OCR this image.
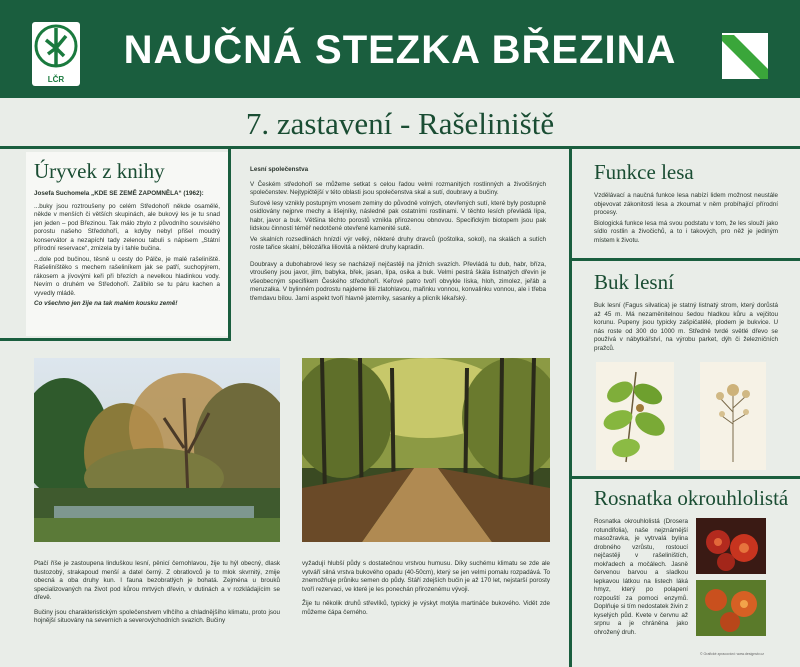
LČR
NAUČNÁ STEZKA BŘEZINA
7. zastavení - Rašeliniště
Úryvek z knihy

Josefa Suchomela „KDE SE ZEMĚ ZAPOMNĚLA“ (1962):

...buky jsou roztroušeny po celém Středohoří někde osamělé, někde v menších či větších skupinách, ale bukový les je tu snad jen jeden – pod Březinou. Tak málo zbylo z původního souvislého porostu našeho Středohoří, a kdyby nebyl přišel moudrý konservátor a nezapíchl tady zelenou tabuli s nápisem „Státní přírodní reservace“, zmizela by i tahle bučina.

...dole pod bučinou, těsně u cesty do Pálče, je malé rašeliniště. Rašeliníštěko s mechem rašeliníkem jak se patří, suchopýrem, rákosem a jívovými keři při březích a nevelkou hladinkou vody. Nevím o druhém ve Středohoří. Zalíbilo se tu páru kachen a vyvedly mládě.

Co všechno jen žije na tak malém kousku země!

Lesní společenstva

V Českém středohoří se můžeme setkat s celou řadou velmi rozmanitých rostlinných a živočišných společenstev. Nejtypičtější v této oblasti jsou společenstva skal a sutí, doubravy a bučiny.

Suťové lesy vznikly postupným vnosem zeminy do původně volných, otevřených sutí, které byly postupně osidlovány nejprve mechy a lišejníky, následně pak ostatními rostlinami. V těchto lesích převládá lípa, habr, javor a buk. Většina těchto porostů vznikla přirozenou obnovou. Specifickým biotopem jsou pak lidskou činností téměř nedotčené otevřené kamenité sutě.

Ve skalních rozsedlinách hnízdí výr velký, některé druhy dravců (poštolka, sokol), na skalách a sutích roste tařice skalní, bělozářka liliovitá a některé druhy kapradin.

Doubravy a dubohabrové lesy se nacházejí nejčastěji na jižních svazích. Převládá tu dub, habr, bříza, vtroušeny jsou javor, jilm, babyka, břek, jasan, lípa, osika a buk. Velmi pestrá škála listnatých dřevin je všeobecným specifikem Českého středohoří. Keřové patro tvoří obvykle líska, hloh, zimolez, jeřáb a meruzalka. V bylinném podrostu najdeme lilii zlatohlavou, mařinku vonnou, konvalinku vonnou, ale i třeba třemdavu bílou. Jarní aspekt tvoří hlavně jaterníky, sasanky a plicník lékařský.

Ptačí říše je zastoupena linduškou lesní, pěnicí černohlavou, žije tu hýl obecný, dlask tlustozobý, strakapoud menší a datel černý. Z obratlovců je to mlok skvrnitý, zmije obecná a oba druhy kun. I fauna bezobratlých je bohatá. Zejména u brouků specializovaných na život pod kůrou mrtvých dřevin, v dutinách a v rozkládajícím se dřevě.

Bučiny jsou charakteristickým společenstvem vlhčího a chladnějšího klimatu, proto jsou hojnější situovány na severních a severovýchodních svazích. Bučiny

vyžadují hlubší půdy s dostatečnou vrstvou humusu. Díky suchému klimatu se zde ale vytváří silná vrstva bukového opadu (40-50cm), který se jen velmi pomalu rozpadává. To znemožňuje průniku semen do půdy. Stáří zdejších bučin je až 170 let, nejstarší porosty tvoří rezervaci, ve které je les ponechán přirozenému vývoji.

Žije tu několik druhů střevlíků, typický je výskyt motýla martináče bukového. Vidět zde můžeme čápa černého.

Funkce lesa

Vzdělávací a naučná funkce lesa nabízí lidem možnost neustále objevovat zákonitosti lesa a zkoumat v něm probíhající přírodní procesy.

Biologická funkce lesa má svou podstatu v tom, že les slouží jako sídlo rostlin a živočichů, a to i takových, pro něž je jediným místem k životu.

Buk lesní

Buk lesní (Fagus silvatica) je statný listnatý strom, který dorůstá až 45 m. Má nezaměnitelnou šedou hladkou kůru a vejčitou korunu. Pupeny jsou typicky zašpičatělé, plodem je bukvice. U nás roste od 300 do 1000 m. Středně tvrdé světlé dřevo se používá v nábytkářství, na výrobu parket, dýh či železničních pražců.

Rosnatka okrouhlolistá

Rosnatka okrouhlolistá (Drosera rotundifolia), naše nejznámější masožravka, je vytrvalá bylina drobného vzrůstu, rostoucí nejčastěji v rašeliništích, mokřadech a močálech. Jasně červenou barvou a sladkou lepkavou látkou na listech láká hmyz, který po polapení rozpouští za pomoci enzymů. Doplňuje si tím nedostatek živin z kyselých půd. Kvete v červnu až srpnu a je chráněna jako ohrožený druh.

© Grafické zpracování: www.designstv.cz
